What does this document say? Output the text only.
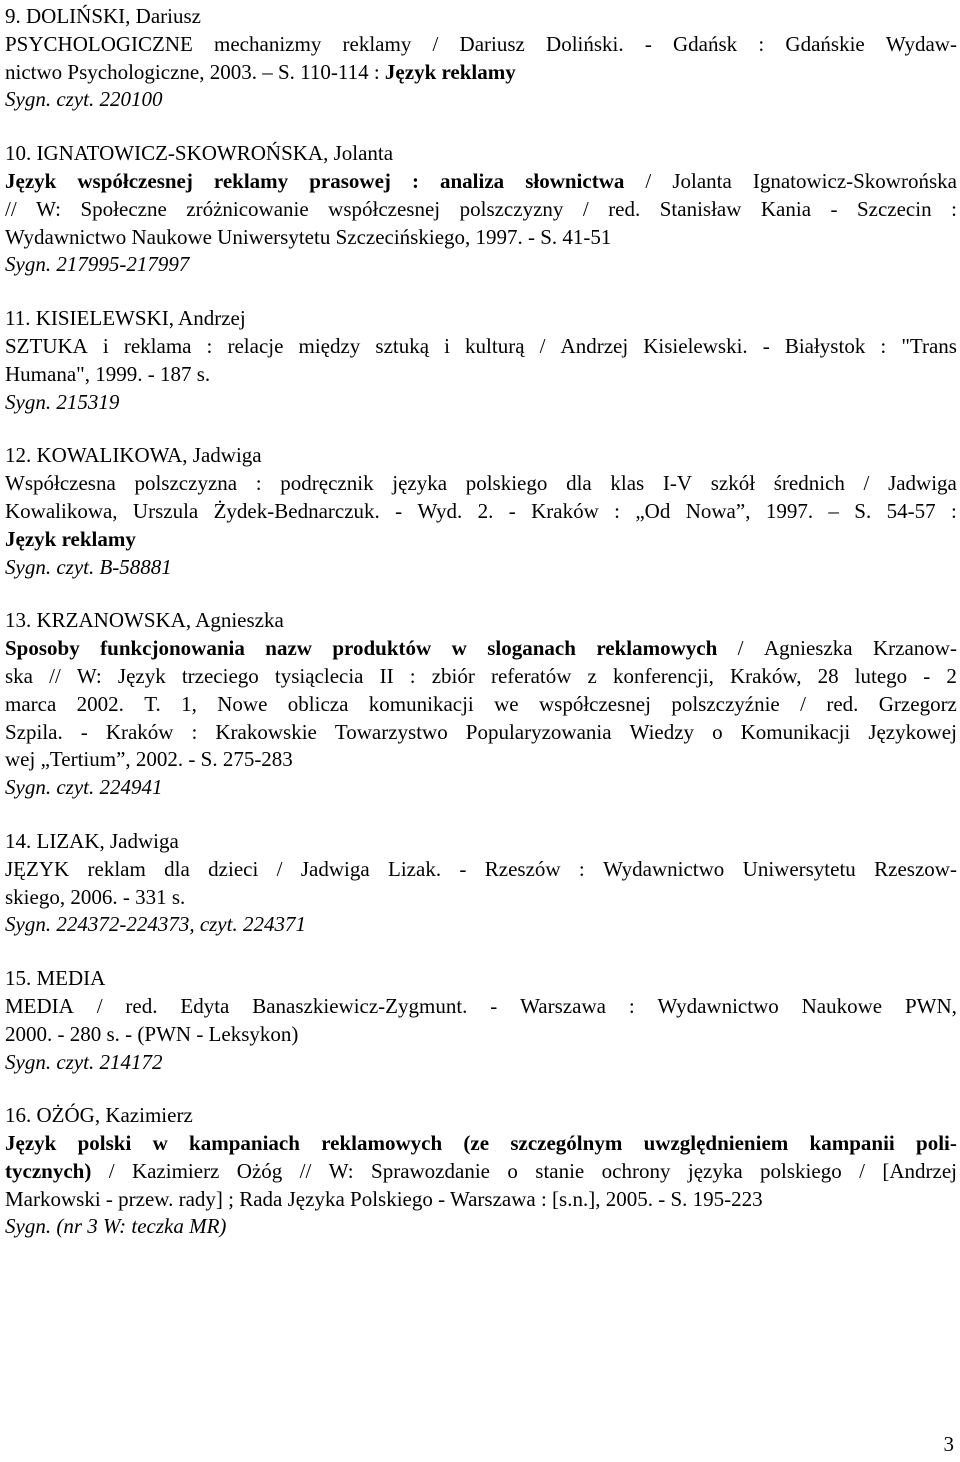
9. DOLIŃSKI, Dariusz
PSYCHOLOGICZNE mechanizmy reklamy / Dariusz Doliński. - Gdańsk : Gdańskie Wydaw-
nictwo Psychologiczne, 2003. – S. 110-114 : Język reklamy
Sygn. czyt. 220100
10. IGNATOWICZ-SKOWROŃSKA, Jolanta
Język współczesnej reklamy prasowej : analiza słownictwa / Jolanta Ignatowicz-Skowrońska
// W: Społeczne zróżnicowanie współczesnej polszczyzny / red. Stanisław Kania - Szczecin :
Wydawnictwo Naukowe Uniwersytetu Szczecińskiego, 1997. - S. 41-51
Sygn. 217995-217997
11. KISIELEWSKI, Andrzej
SZTUKA i reklama : relacje między sztuką i kulturą / Andrzej Kisielewski. - Białystok : "Trans
Humana", 1999. - 187 s.
Sygn. 215319
12. KOWALIKOWA, Jadwiga
Współczesna polszczyzna : podręcznik języka polskiego dla klas I-V szkół średnich / Jadwiga
Kowalikowa, Urszula Żydek-Bednarczuk. - Wyd. 2. - Kraków : „Od Nowa”, 1997. – S. 54-57 :
Język reklamy
Sygn. czyt. B-58881
13. KRZANOWSKA, Agnieszka
Sposoby funkcjonowania nazw produktów w sloganach reklamowych / Agnieszka Krzanow-
ska // W: Język trzeciego tysiąclecia II : zbiór referatów z konferencji, Kraków, 28 lutego - 2
marca 2002. T. 1, Nowe oblicza komunikacji we współczesnej polszczyźnie / red. Grzegorz
Szpila. - Kraków : Krakowskie Towarzystwo Popularyzowania Wiedzy o Komunikacji Językowej
wej „Tertium”, 2002. - S. 275-283
Sygn. czyt. 224941
14. LIZAK, Jadwiga
JĘZYK reklam dla dzieci / Jadwiga Lizak. - Rzeszów : Wydawnictwo Uniwersytetu Rzeszow-
skiego, 2006. - 331 s.
Sygn. 224372-224373, czyt. 224371
15. MEDIA
MEDIA / red. Edyta Banaszkiewicz-Zygmunt. - Warszawa : Wydawnictwo Naukowe PWN,
2000. - 280 s. - (PWN - Leksykon)
Sygn. czyt. 214172
16. OŻÓG, Kazimierz
Język polski w kampaniach reklamowych (ze szczególnym uwzględnieniem kampanii poli-
tycznych) / Kazimierz Ożóg // W: Sprawozdanie o stanie ochrony języka polskiego / [Andrzej
Markowski - przew. rady] ; Rada Języka Polskiego - Warszawa : [s.n.], 2005. - S. 195-223
Sygn. (nr 3 W: teczka MR)
3
